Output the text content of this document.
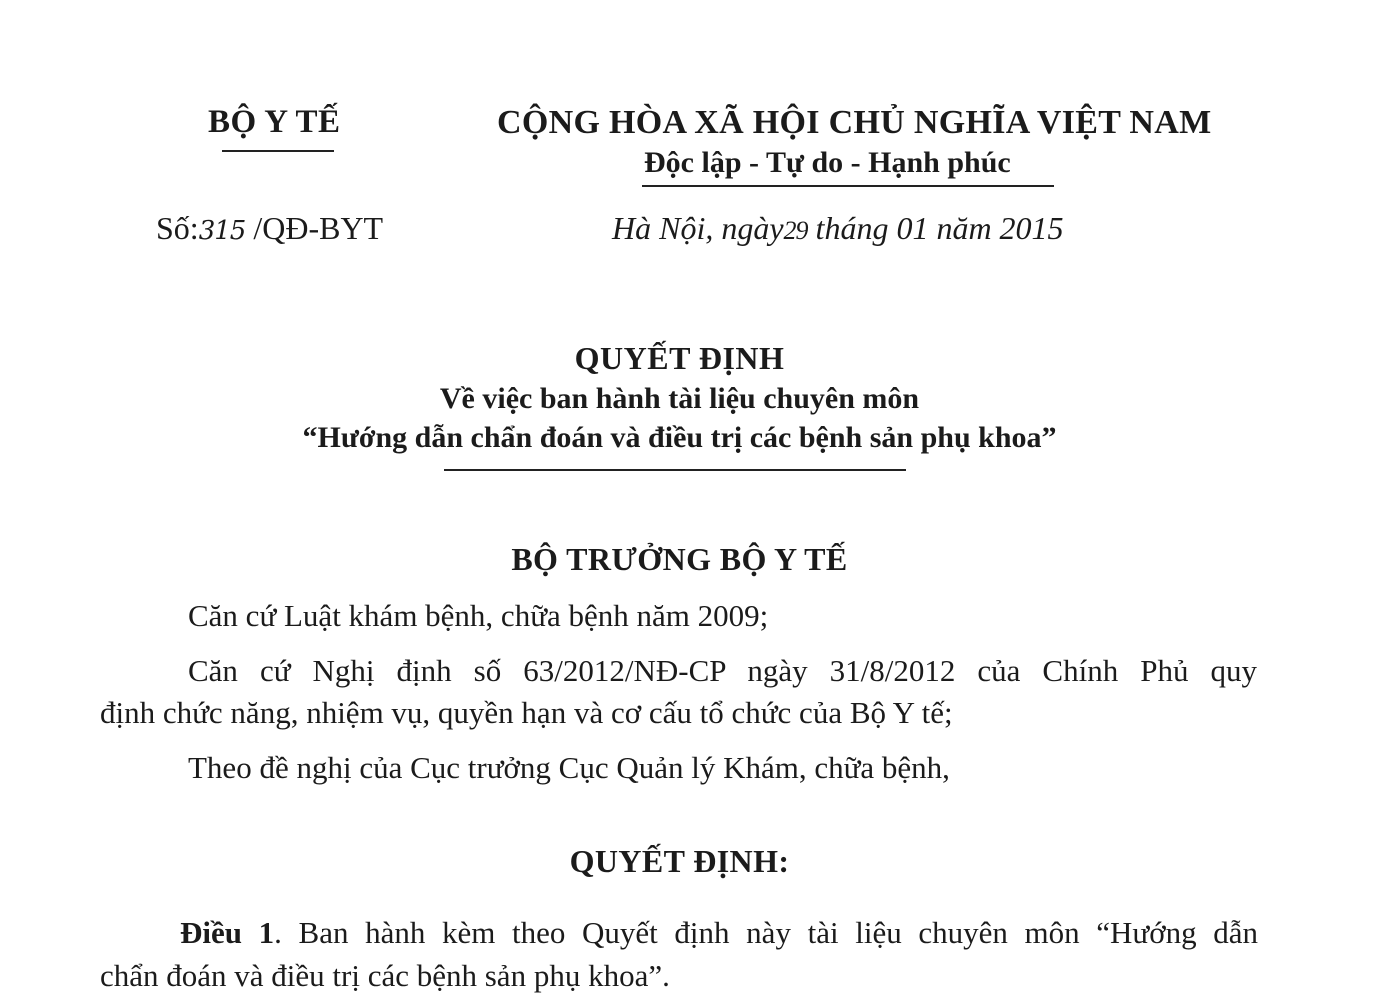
BỘ Y TẾ	CỘNG HÒA XÃ HỘI CHỦ NGHĨA VIỆT NAM
Độc lập - Tự do - Hạnh phúc
Số:315 /QĐ-BYT	Hà Nội, ngày29 tháng 01 năm 2015
QUYẾT ĐỊNH
Về việc ban hành tài liệu chuyên môn
“Hướng dẫn chẩn đoán và điều trị các bệnh sản phụ khoa”
BỘ TRƯỞNG BỘ Y TẾ
Căn cứ Luật khám bệnh, chữa bệnh năm 2009;
Căn cứ Nghị định số 63/2012/NĐ-CP ngày 31/8/2012 của Chính Phủ quy
định chức năng, nhiệm vụ, quyền hạn và cơ cấu tổ chức của Bộ Y tế;
Theo đề nghị của Cục trưởng Cục Quản lý Khám, chữa bệnh,
QUYẾT ĐỊNH:
Điều 1. Ban hành kèm theo Quyết định này tài liệu chuyên môn “Hướng dẫn
chẩn đoán và điều trị các bệnh sản phụ khoa”.
